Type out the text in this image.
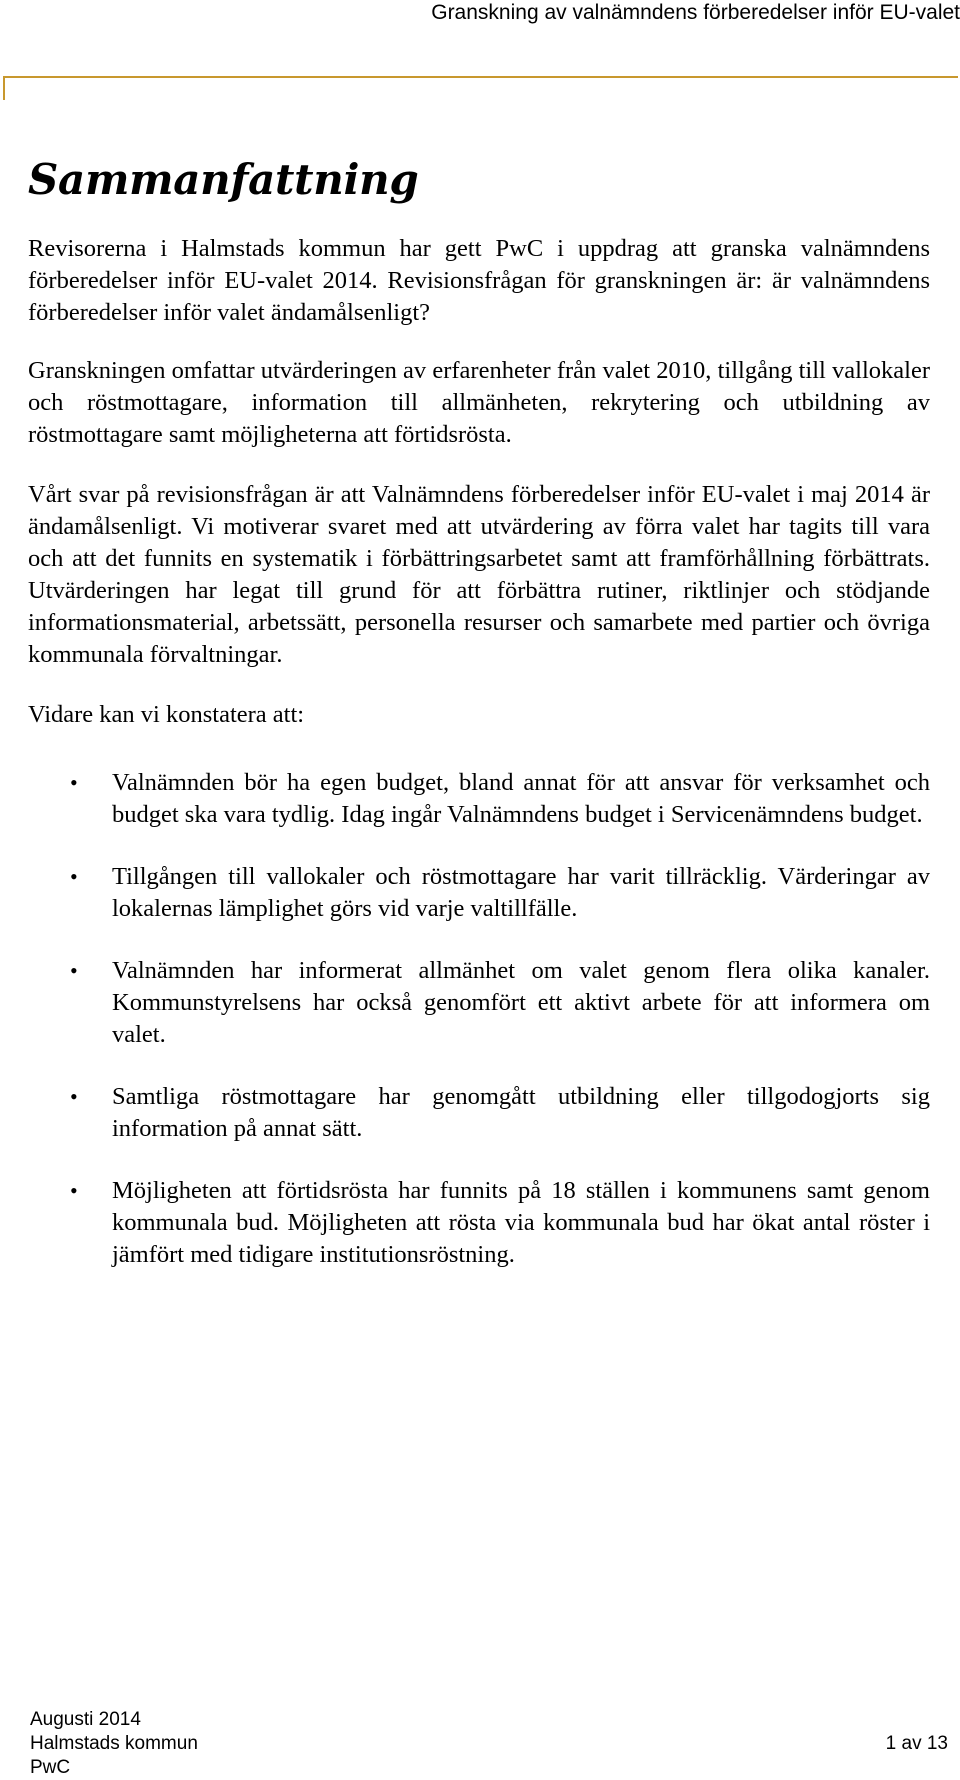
Granskning av valnämndens förberedelser inför EU-valet
Sammanfattning

Revisorerna i Halmstads kommun har gett PwC i uppdrag att granska valnämndens förberedelser inför EU-valet 2014. Revisionsfrågan för granskningen är: är valnämndens förberedelser inför valet ändamålsenligt?

Granskningen omfattar utvärderingen av erfarenheter från valet 2010, tillgång till vallokaler och röstmottagare, information till allmänheten, rekrytering och utbildning av röstmottagare samt möjligheterna att förtidsrösta.

Vårt svar på revisionsfrågan är att Valnämndens förberedelser inför EU-valet i maj 2014 är ändamålsenligt. Vi motiverar svaret med att utvärdering av förra valet har tagits till vara och att det funnits en systematik i förbättringsarbetet samt att framförhållning förbättrats. Utvärderingen har legat till grund för att förbättra rutiner, riktlinjer och stödjande informationsmaterial, arbetssätt, personella resurser och samarbete med partier och övriga kommunala förvaltningar.

Vidare kan vi konstatera att:

• Valnämnden bör ha egen budget, bland annat för att ansvar för verksamhet och budget ska vara tydlig. Idag ingår Valnämndens budget i Servicenämndens budget.
• Tillgången till vallokaler och röstmottagare har varit tillräcklig. Värderingar av lokalernas lämplighet görs vid varje valtillfälle.
• Valnämnden har informerat allmänhet om valet genom flera olika kanaler. Kommunstyrelsens har också genomfört ett aktivt arbete för att informera om valet.
• Samtliga röstmottagare har genomgått utbildning eller tillgodogjorts sig information på annat sätt.
• Möjligheten att förtidsrösta har funnits på 18 ställen i kommunens samt genom kommunala bud. Möjligheten att rösta via kommunala bud har ökat antal röster i jämfört med tidigare institutionsröstning.
Augusti 2014
Halmstads kommun	1 av 13
PwC
